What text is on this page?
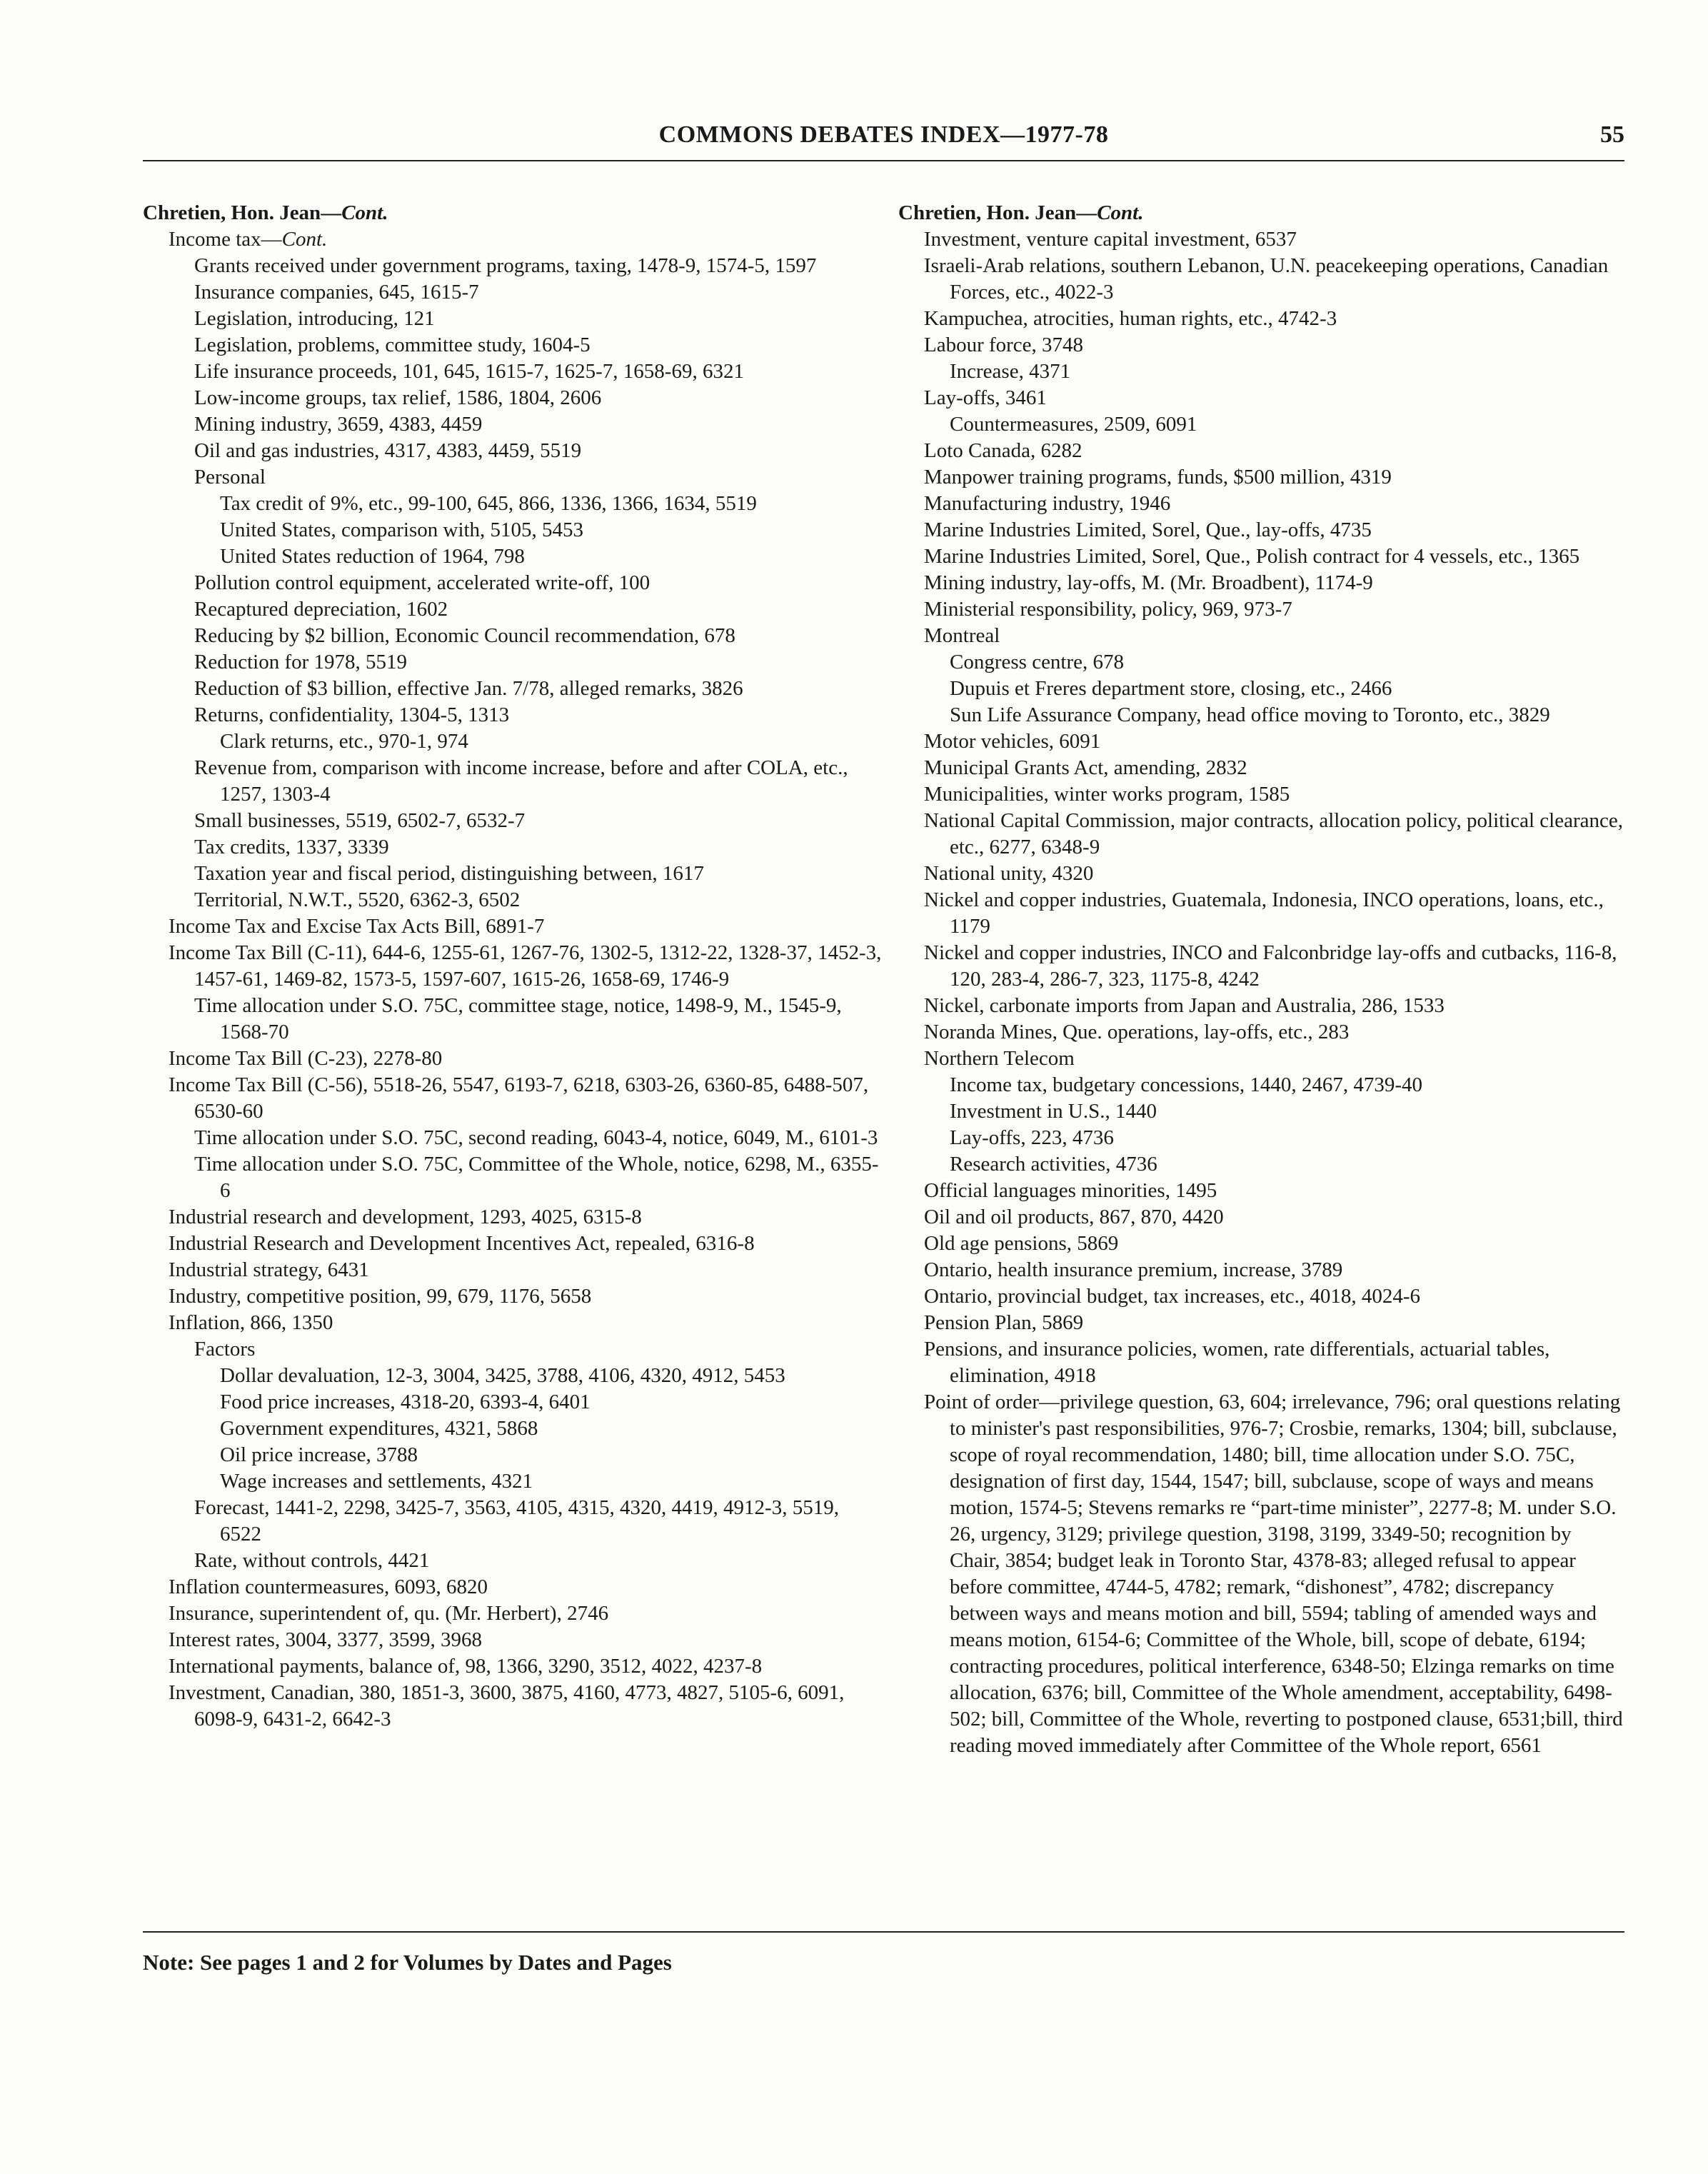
COMMONS DEBATES INDEX—1977-78	55
Chretien, Hon. Jean—Cont.
Income tax—Cont.
Grants received under government programs, taxing, 1478-9, 1574-5, 1597
Insurance companies, 645, 1615-7
Legislation, introducing, 121
Legislation, problems, committee study, 1604-5
Life insurance proceeds, 101, 645, 1615-7, 1625-7, 1658-69, 6321
Low-income groups, tax relief, 1586, 1804, 2606
Mining industry, 3659, 4383, 4459
Oil and gas industries, 4317, 4383, 4459, 5519
Personal
Tax credit of 9%, etc., 99-100, 645, 866, 1336, 1366, 1634, 5519
United States, comparison with, 5105, 5453
United States reduction of 1964, 798
Pollution control equipment, accelerated write-off, 100
Recaptured depreciation, 1602
Reducing by $2 billion, Economic Council recommendation, 678
Reduction for 1978, 5519
Reduction of $3 billion, effective Jan. 7/78, alleged remarks, 3826
Returns, confidentiality, 1304-5, 1313
Clark returns, etc., 970-1, 974
Revenue from, comparison with income increase, before and after COLA, etc., 1257, 1303-4
Small businesses, 5519, 6502-7, 6532-7
Tax credits, 1337, 3339
Taxation year and fiscal period, distinguishing between, 1617
Territorial, N.W.T., 5520, 6362-3, 6502
Income Tax and Excise Tax Acts Bill, 6891-7
Income Tax Bill (C-11), 644-6, 1255-61, 1267-76, 1302-5, 1312-22, 1328-37, 1452-3, 1457-61, 1469-82, 1573-5, 1597-607, 1615-26, 1658-69, 1746-9
Time allocation under S.O. 75C, committee stage, notice, 1498-9, M., 1545-9, 1568-70
Income Tax Bill (C-23), 2278-80
Income Tax Bill (C-56), 5518-26, 5547, 6193-7, 6218, 6303-26, 6360-85, 6488-507, 6530-60
Time allocation under S.O. 75C, second reading, 6043-4, notice, 6049, M., 6101-3
Time allocation under S.O. 75C, Committee of the Whole, notice, 6298, M., 6355-6
Industrial research and development, 1293, 4025, 6315-8
Industrial Research and Development Incentives Act, repealed, 6316-8
Industrial strategy, 6431
Industry, competitive position, 99, 679, 1176, 5658
Inflation, 866, 1350
Factors
Dollar devaluation, 12-3, 3004, 3425, 3788, 4106, 4320, 4912, 5453
Food price increases, 4318-20, 6393-4, 6401
Government expenditures, 4321, 5868
Oil price increase, 3788
Wage increases and settlements, 4321
Forecast, 1441-2, 2298, 3425-7, 3563, 4105, 4315, 4320, 4419, 4912-3, 5519, 6522
Rate, without controls, 4421
Inflation countermeasures, 6093, 6820
Insurance, superintendent of, qu. (Mr. Herbert), 2746
Interest rates, 3004, 3377, 3599, 3968
International payments, balance of, 98, 1366, 3290, 3512, 4022, 4237-8
Investment, Canadian, 380, 1851-3, 3600, 3875, 4160, 4773, 4827, 5105-6, 6091, 6098-9, 6431-2, 6642-3
Chretien, Hon. Jean—Cont.
Investment, venture capital investment, 6537
Israeli-Arab relations, southern Lebanon, U.N. peacekeeping operations, Canadian Forces, etc., 4022-3
Kampuchea, atrocities, human rights, etc., 4742-3
Labour force, 3748
Increase, 4371
Lay-offs, 3461
Countermeasures, 2509, 6091
Loto Canada, 6282
Manpower training programs, funds, $500 million, 4319
Manufacturing industry, 1946
Marine Industries Limited, Sorel, Que., lay-offs, 4735
Marine Industries Limited, Sorel, Que., Polish contract for 4 vessels, etc., 1365
Mining industry, lay-offs, M. (Mr. Broadbent), 1174-9
Ministerial responsibility, policy, 969, 973-7
Montreal
Congress centre, 678
Dupuis et Freres department store, closing, etc., 2466
Sun Life Assurance Company, head office moving to Toronto, etc., 3829
Motor vehicles, 6091
Municipal Grants Act, amending, 2832
Municipalities, winter works program, 1585
National Capital Commission, major contracts, allocation policy, political clearance, etc., 6277, 6348-9
National unity, 4320
Nickel and copper industries, Guatemala, Indonesia, INCO operations, loans, etc., 1179
Nickel and copper industries, INCO and Falconbridge lay-offs and cutbacks, 116-8, 120, 283-4, 286-7, 323, 1175-8, 4242
Nickel, carbonate imports from Japan and Australia, 286, 1533
Noranda Mines, Que. operations, lay-offs, etc., 283
Northern Telecom
Income tax, budgetary concessions, 1440, 2467, 4739-40
Investment in U.S., 1440
Lay-offs, 223, 4736
Research activities, 4736
Official languages minorities, 1495
Oil and oil products, 867, 870, 4420
Old age pensions, 5869
Ontario, health insurance premium, increase, 3789
Ontario, provincial budget, tax increases, etc., 4018, 4024-6
Pension Plan, 5869
Pensions, and insurance policies, women, rate differentials, actuarial tables, elimination, 4918
Point of order—privilege question, 63, 604; irrelevance, 796; oral questions relating to minister's past responsibilities, 976-7; Crosbie, remarks, 1304; bill, subclause, scope of royal recommendation, 1480; bill, time allocation under S.O. 75C, designation of first day, 1544, 1547; bill, subclause, scope of ways and means motion, 1574-5; Stevens remarks re “part-time minister”, 2277-8; M. under S.O. 26, urgency, 3129; privilege question, 3198, 3199, 3349-50; recognition by Chair, 3854; budget leak in Toronto Star, 4378-83; alleged refusal to appear before committee, 4744-5, 4782; remark, “dishonest”, 4782; discrepancy between ways and means motion and bill, 5594; tabling of amended ways and means motion, 6154-6; Committee of the Whole, bill, scope of debate, 6194; contracting procedures, political interference, 6348-50; Elzinga remarks on time allocation, 6376; bill, Committee of the Whole amendment, acceptability, 6498-502; bill, Committee of the Whole, reverting to postponed clause, 6531;bill, third reading moved immediately after Committee of the Whole report, 6561
Note: See pages 1 and 2 for Volumes by Dates and Pages
